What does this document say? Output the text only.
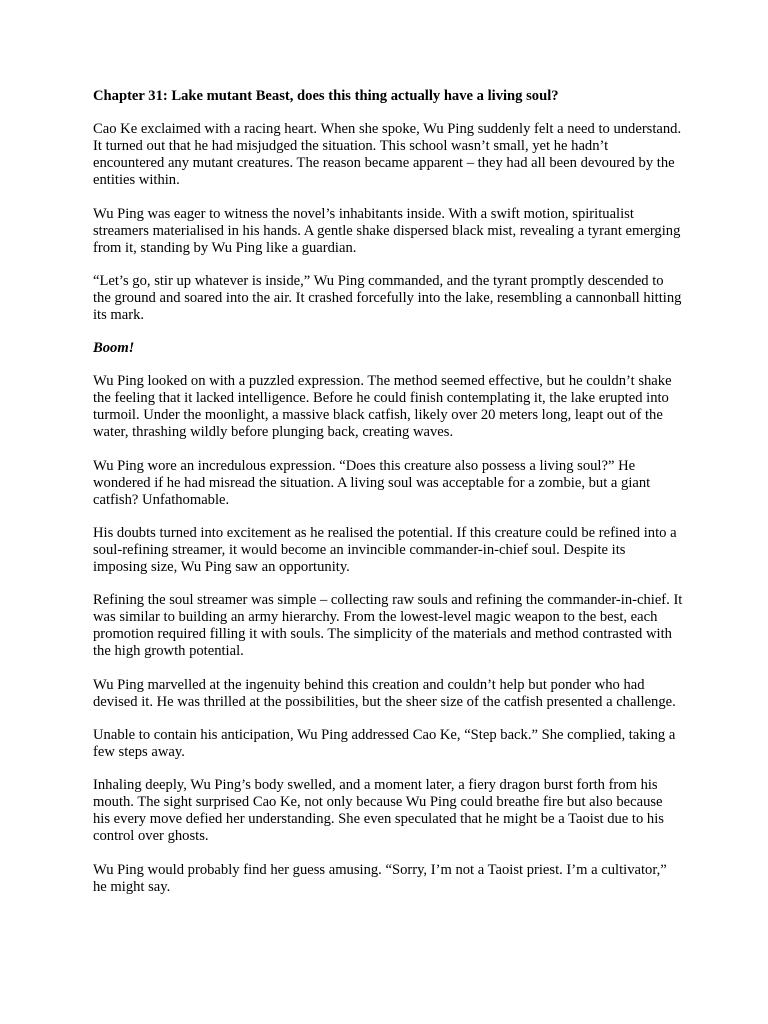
Chapter 31: Lake mutant Beast, does this thing actually have a living soul?

Cao Ke exclaimed with a racing heart. When she spoke, Wu Ping suddenly felt a need to understand. It turned out that he had misjudged the situation. This school wasn’t small, yet he hadn’t encountered any mutant creatures. The reason became apparent – they had all been devoured by the entities within.

Wu Ping was eager to witness the novel’s inhabitants inside. With a swift motion, spiritualist streamers materialised in his hands. A gentle shake dispersed black mist, revealing a tyrant emerging from it, standing by Wu Ping like a guardian.

“Let’s go, stir up whatever is inside,” Wu Ping commanded, and the tyrant promptly descended to the ground and soared into the air. It crashed forcefully into the lake, resembling a cannonball hitting its mark.

Boom!

Wu Ping looked on with a puzzled expression. The method seemed effective, but he couldn’t shake the feeling that it lacked intelligence. Before he could finish contemplating it, the lake erupted into turmoil. Under the moonlight, a massive black catfish, likely over 20 meters long, leapt out of the water, thrashing wildly before plunging back, creating waves.

Wu Ping wore an incredulous expression. “Does this creature also possess a living soul?” He wondered if he had misread the situation. A living soul was acceptable for a zombie, but a giant catfish? Unfathomable.

His doubts turned into excitement as he realised the potential. If this creature could be refined into a soul-refining streamer, it would become an invincible commander-in-chief soul. Despite its imposing size, Wu Ping saw an opportunity.

Refining the soul streamer was simple – collecting raw souls and refining the commander-in-chief. It was similar to building an army hierarchy. From the lowest-level magic weapon to the best, each promotion required filling it with souls. The simplicity of the materials and method contrasted with the high growth potential.

Wu Ping marvelled at the ingenuity behind this creation and couldn’t help but ponder who had devised it. He was thrilled at the possibilities, but the sheer size of the catfish presented a challenge.

Unable to contain his anticipation, Wu Ping addressed Cao Ke, “Step back.” She complied, taking a few steps away.

Inhaling deeply, Wu Ping’s body swelled, and a moment later, a fiery dragon burst forth from his mouth. The sight surprised Cao Ke, not only because Wu Ping could breathe fire but also because his every move defied her understanding. She even speculated that he might be a Taoist due to his control over ghosts.

Wu Ping would probably find her guess amusing. “Sorry, I’m not a Taoist priest. I’m a cultivator,” he might say.
